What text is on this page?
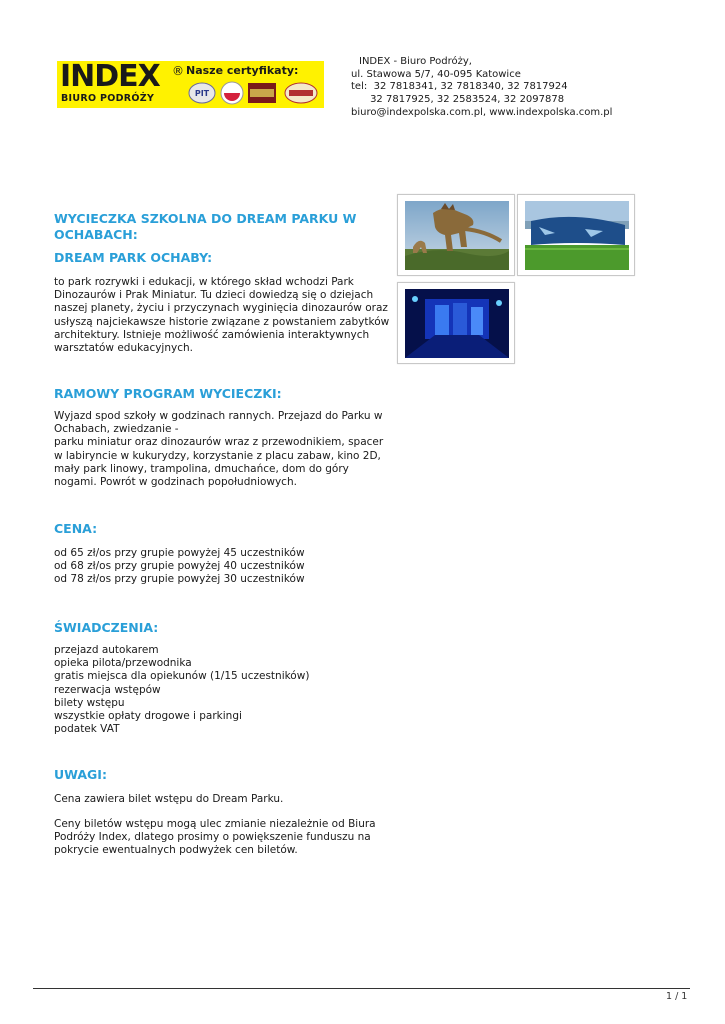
INDEX ®
BIURO PODRÓŻY
Nasze certyfikaty:
PIT
INDEX - Biuro Podróży,
ul. Stawowa 5/7, 40-095 Katowice
tel:  32 7818341, 32 7818340, 32 7817924
32 7817925, 32 2583524, 32 2097878
biuro@indexpolska.com.pl, www.indexpolska.com.pl
WYCIECZKA SZKOLNA DO DREAM PARKU W
OCHABACH:
DREAM PARK OCHABY:
to park rozrywki i edukacji, w którego skład wchodzi Park
Dinozaurów i Prak Miniatur. Tu dzieci dowiedzą się o dziejach
naszej planety, życiu i przyczynach wyginięcia dinozaurów oraz
usłyszą najciekawsze historie związane z powstaniem zabytków
architektury. Istnieje możliwość zamówienia interaktywnych
warsztatów edukacyjnych.
RAMOWY PROGRAM WYCIECZKI:
Wyjazd spod szkoły w godzinach rannych. Przejazd do Parku w
Ochabach, zwiedzanie -
parku miniatur oraz dinozaurów wraz z przewodnikiem, spacer
w labiryncie w kukurydzy, korzystanie z placu zabaw, kino 2D,
mały park linowy, trampolina, dmuchańce, dom do góry
nogami. Powrót w godzinach popołudniowych.
CENA:
od 65 zł/os przy grupie powyżej 45 uczestników
od 68 zł/os przy grupie powyżej 40 uczestników
od 78 zł/os przy grupie powyżej 30 uczestników
ŚWIADCZENIA:
przejazd autokarem
opieka pilota/przewodnika
gratis miejsca dla opiekunów (1/15 uczestników)
rezerwacja wstępów
bilety wstępu
wszystkie opłaty drogowe i parkingi
podatek VAT
UWAGI:
Cena zawiera bilet wstępu do Dream Parku.
Ceny biletów wstępu mogą ulec zmianie niezależnie od Biura
Podróży Index, dlatego prosimy o powiększenie funduszu na
pokrycie ewentualnych podwyżek cen biletów.
1 / 1
